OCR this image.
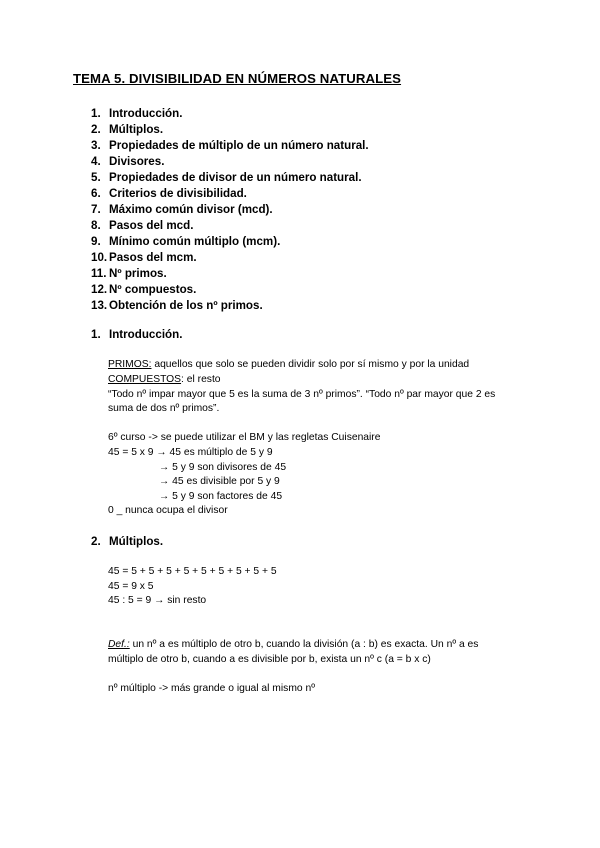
TEMA 5. DIVISIBILIDAD EN NÚMEROS NATURALES
1. Introducción.
2. Múltiplos.
3. Propiedades de múltiplo de un número natural.
4. Divisores.
5. Propiedades de divisor de un número natural.
6. Criterios de divisibilidad.
7. Máximo común divisor (mcd).
8. Pasos del mcd.
9. Mínimo común múltiplo (mcm).
10. Pasos del mcm.
11. Nº primos.
12. Nº compuestos.
13. Obtención de los nº primos.
1. Introducción.
PRIMOS: aquellos que solo se pueden dividir solo por sí mismo y por la unidad
COMPUESTOS: el resto
“Todo nº impar mayor que 5 es la suma de 3 nº primos”. “Todo nº par mayor que 2 es
suma de dos nº primos”.
6º curso -> se puede utilizar el BM y las regletas Cuisenaire
45 = 5 x 9 → 45 es múltiplo de 5 y 9
→ 5 y 9 son divisores de 45
→ 45 es divisible por 5 y 9
→ 5 y 9 son factores de 45
0 _ nunca ocupa el divisor
2. Múltiplos.
45 = 5 + 5 + 5 + 5 + 5 + 5 + 5 + 5 + 5
45 = 9 x 5
45 : 5 = 9 → sin resto
Def.: un nº a es múltiplo de otro b, cuando la división (a : b) es exacta. Un nº a es
múltiplo de otro b, cuando a es divisible por b, exista un nº c (a = b x c)
nº múltiplo -> más grande o igual al mismo nº
